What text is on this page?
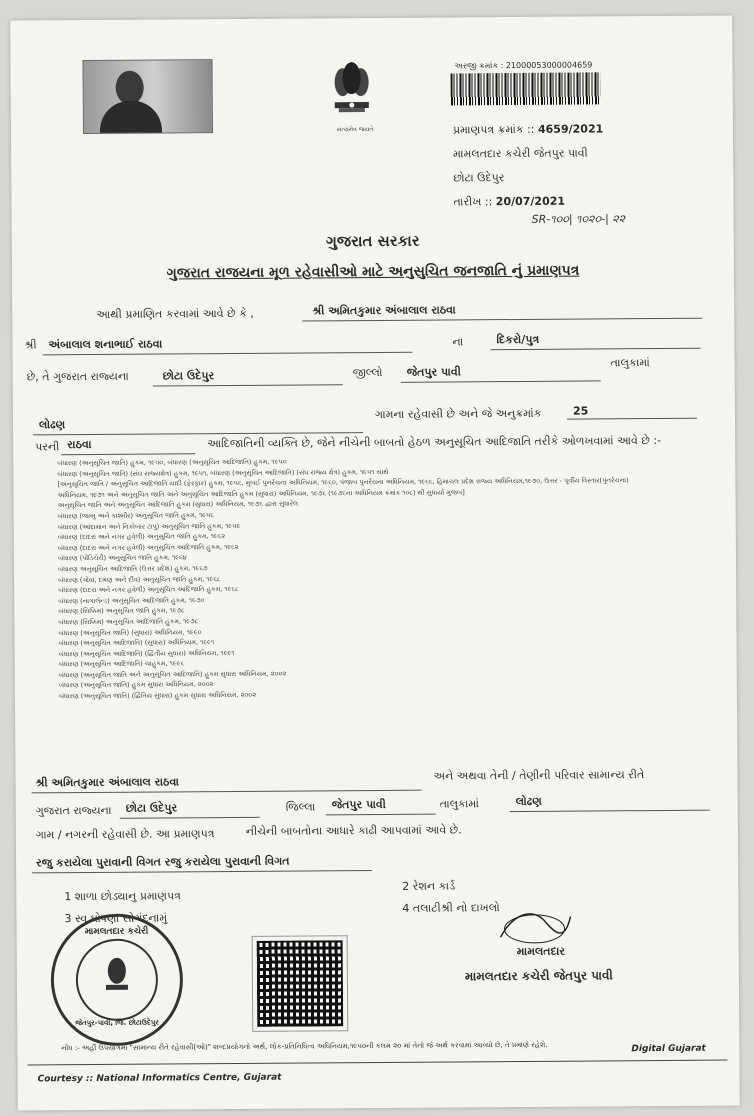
સત્યમેવ જયતે
અરજી ક્રમાંક : 21000053000004659
પ્રમાણપત્ર ક્રમાંક :: 4659/2021
મામલતદાર કચેરી જેતપુર પાવી
છોટા ઉદેપુર
તારીખ :: 20/07/2021
SR-૧૦૦| ૧૦૨૦-| ૨૨
ગુજરાત સરકાર
ગુજરાત રાજયના મૂળ રહેવાસીઓ માટે અનુસુચિત જનજાતિ નું પ્રમાણપત્ર
આથી પ્રમાણિત કરવામાં આવે છે કે ,	શ્રી અમિતકુમાર અંબાલાલ રાઠવા
શ્રી અંબાલાલ શનાભાઈ રાઠવા	ના	દિકરો/પુત્ર
છે, તે ગુજરાત રાજ્યના	છોટા ઉદેપુર	જીલ્લો જેતપુર પાવી
તાલુકામાં
લોઢણ
ગામના રહેવાસી છે અને જે અનુક્રમાંક	25
પરની રાઠવા	આદિજાતિની વ્યક્તિ છે, જેને નીચેની બાબતો હેઠળ અનુસૂચિત આદિજાતિ તરીકે ઓળખવામાં આવે છે :-
બંધારણ (અનુસૂચિત જાતિ) હુકમ, ૧૯૫૦, બંધારણ (અનુસૂચિત આદિજાતિ) હુકમ, ૧૯૫૦
બંધારણ (અનુસૂચિત જાતિ) (સંઘ રાજ્યક્ષેત્ર) હુકમ, ૧૯૫૧, બંધારણ (અનુસૂચિત આદિજાતિ) (સંઘ રાજ્ય ક્ષેત્ર) હુકમ, ૧૯૫૧ સાથે
[અનુસૂચિત જાતિ / અનુસૂચિત આદિજાતિ યાદી (ફેરફાર) હુકમ, ૧૯૫૬, મુંબઈ પુનર્રચના અધિનિયમ, ૧૯૬૦, પંજાબ પુનર્રચના અધિનિયમ, ૧૯૬૬, હિમાચલ પ્રદેશ રાજ્ય અધિનિયમ,૧૯૭૦, ઉત્તર - પૂર્વીય વિસ્તાર(પુનર્રચના)
અધિનિયમ, ૧૯૭૧ અને અનુસૂચિત જાતિ અને અનુસૂચિત આદિજાતિ હુકમ (સુધારા) અધિનિયમ, ૧૯૭૬ (૧૯૭૬ના અધિનિયમ ક્રમાંક ૧૦૮) થી સુધાર્યા મુજબ]
અનુસૂચિત જાતિ અને અનુસૂચિત આદિજાતિ હુકમ (સુધારા) અધિનિયમ, ૧૯૭૬ દ્વારા સુધારેલ
બંધારણ (જમ્મુ અને કાશ્મીર) અનુસૂચિત જાતિ હુકમ, ૧૯૫૬
બંધારણ (આંદામાન અને નિકોબાર ટાપુ) અનુસૂચિત જાતિ હુકમ, ૧૯૫૯
બંધારણ (દાદરા અને નગર હવેલી) અનુસૂચિત જાતિ હુકમ, ૧૯૬૨
બંધારણ (દાદરા અને નગર હવેલી) અનુસૂચિત આદિજાતિ હુકમ, ૧૯૬૨
બંધારણ (પોંડિચેરી) અનુસૂચિત જાતિ હુકમ, ૧૯૬૪
બંધારણ અનુસૂચિત આદિજાતિ (ઉત્તર પ્રદેશ) હુકમ, ૧૯૬૭
બંધારણ (ગોવા, દમણ અને દીવ) અનુસૂચિત જાતિ હુકમ, ૧૯૬૮
બંધારણ (દાદરા અને નગર હવેલી) અનુસૂચિત આદિજાતિ હુકમ, ૧૯૬૮
બંધારણ (નાગાલેન્ડ) અનુસૂચિત આદિજાતિ હુકમ, ૧૯૭૦
બંધારણ (સિક્કિમ) અનુસૂચિત જાતિ હુકમ, ૧૯૭૮
બંધારણ (સિક્કિમ) અનુસૂચિત આદિજાતિ હુકમ, ૧૯૭૮
બંધારણ (અનુસૂચિત જાતિ) (સુધારા) અધિનિયમ, ૧૯૯૦
બંધારણ (અનુસૂચિત આદિજાતિ) (સુધારા) અધિનિયમ, ૧૯૯૧
બંધારણ (અનુસૂચિત આદિજાતિ) (દ્વિતીય સુધારા) અધિનિયમ, ૧૯૯૧
બંધારણ (અનુસૂચિત આદિજાતિ) ચાહુકમ, ૧૯૯૬
બંધારણ (અનુસૂચિત જાતિ અને અનુસૂચિત આદિજાતિ) હુકમ સુધારા અધિનિયમ, ૨૦૦૨
બંધારણ (અનુસૂચિત જાતિ) હુકમ સુધારા અધિનિયમ, ૨૦૦૨
બંધારણ (અનુસૂચિત જાતિ) (દ્વિતિય સુધારા) હુકમ સુધારા અધિનિયમ, ૨૦૦૨
શ્રી અમિતકુમાર અંબાલાલ રાઠવા	અને અથવા તેની / તેણીની પરિવાર સામાન્ય રીતે
ગુજરાત રાજ્યના છોટા ઉદેપુર	જિલ્લા જેતપુર પાવી	તાલુકામાં	લોઢણ
ગામ / નગરની રહેવાસી છે. આ પ્રમાણપત્ર	નીચેની બાબતોના આધારે કાઢી આપવામાં આવે છે.
રજુ કરાયેલા પુરાવાની વિગત રજુ કરાયેલા પુરાવાની વિગત
1 શાળા છોડ્યાનુ પ્રમાણપત્ર
2 રેશન કાર્ડ
3 સ્વ ઘોષણા સોગંદનામું
4 તલાટીશ્રી નો દાખલો
મામલતદાર કચેરી
જેતપુર-પાવી, જિ. છોટાઉદેપુર
મામલતદાર
મામલતદાર કચેરી જેતપુર પાવી
નોંધ :- અહીં ઉપયોગમાં "સામાન્ય રીતે રહેવાસી(ઓ)" શબ્દપ્રયોગનો અર્થ, લોક-પ્રતિનિધિત્વ અધિનિયમ,૧૯૫૦ની કલમ ૨૦ માં તેનો જે અર્થ કરવામાં આવ્યો છે, તે પ્રમાણે રહેશે.
Courtesy :: National Informatics Centre, Gujarat
Digital Gujarat
